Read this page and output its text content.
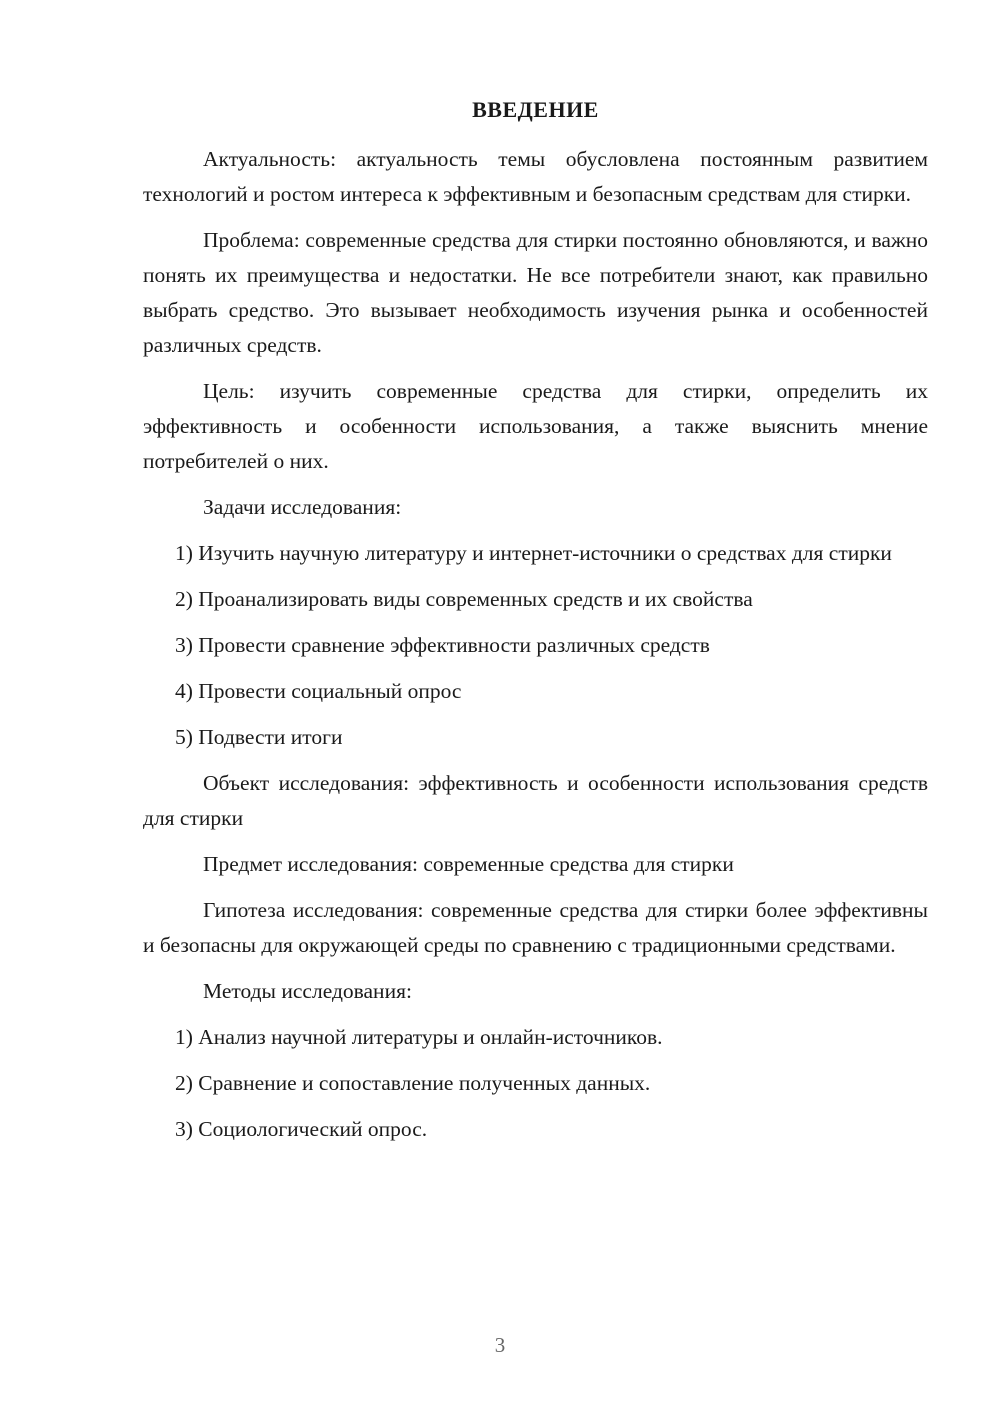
ВВЕДЕНИЕ

Актуальность: актуальность темы обусловлена постоянным развитием технологий и ростом интереса к эффективным и безопасным средствам для стирки.

Проблема: современные средства для стирки постоянно обновляются, и важно понять их преимущества и недостатки. Не все потребители знают, как правильно выбрать средство. Это вызывает необходимость изучения рынка и особенностей различных средств.

Цель: изучить современные средства для стирки, определить их эффективность и особенности использования, а также выяснить мнение потребителей о них.

Задачи исследования:

1) Изучить научную литературу и интернет-источники о средствах для стирки

2) Проанализировать виды современных средств и их свойства

3) Провести сравнение эффективности различных средств

4) Провести социальный опрос

5) Подвести итоги

Объект исследования: эффективность и особенности использования средств для стирки

Предмет исследования: современные средства для стирки

Гипотеза исследования: современные средства для стирки более эффективны и безопасны для окружающей среды по сравнению с традиционными средствами.

Методы исследования:

1) Анализ научной литературы и онлайн-источников.

2) Сравнение и сопоставление полученных данных.

3) Социологический опрос.

3
